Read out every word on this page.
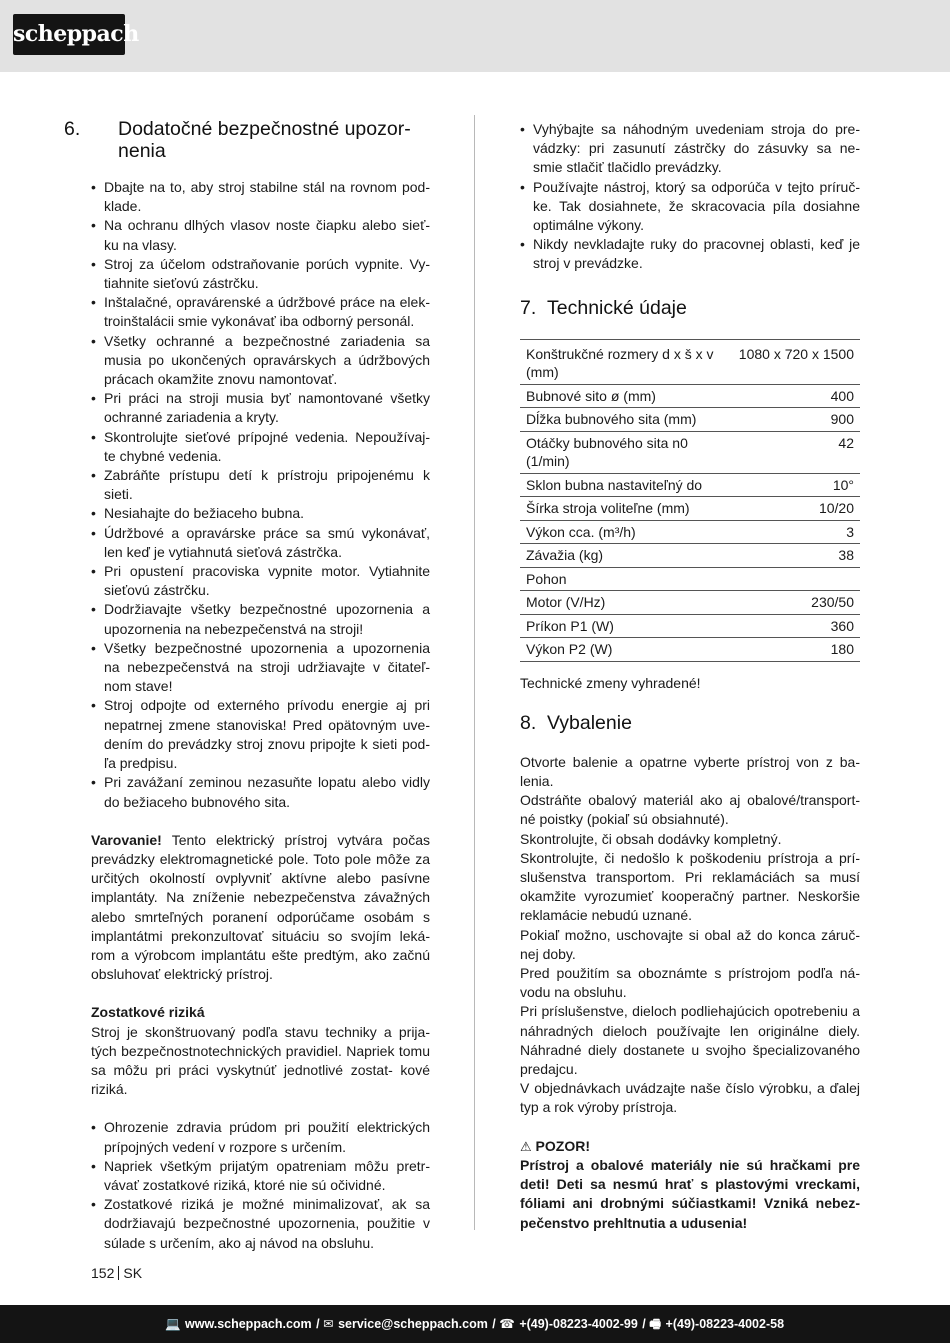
scheppach
6. Dodatočné bezpečnostné upozor- nenia
• Dbajte na to, aby stroj stabilne stál na rovnom pod- klade.
• Na ochranu dlhých vlasov noste čiapku alebo sieť- ku na vlasy.
• Stroj za účelom odstraňovanie porúch vypnite. Vy- tiahnite sieťovú zástrčku.
• Inštalačné, opravárenské a údržbové práce na elek- troinštalácii smie vykonávať iba odborný personál.
• Všetky ochranné a bezpečnostné zariadenia sa musia po ukončených opravárskych a údržbových prácach okamžite znovu namontovať.
• Pri práci na stroji musia byť namontované všetky ochranné zariadenia a kryty.
• Skontrolujte sieťové prípojné vedenia. Nepoužívaj- te chybné vedenia.
• Zabráňte prístupu detí k prístroju pripojenému k sieti.
• Nesiahajte do bežiaceho bubna.
• Údržbové a opravárske práce sa smú vykonávať, len keď je vytiahnutá sieťová zástrčka.
• Pri opustení pracoviska vypnite motor. Vytiahnite sieťovú zástrčku.
• Dodržiavajte všetky bezpečnostné upozornenia a upozornenia na nebezpečenstvá na stroji!
• Všetky bezpečnostné upozornenia a upozornenia na nebezpečenstvá na stroji udržiavajte v čitateľ- nom stave!
• Stroj odpojte od externého prívodu energie aj pri nepatrnej zmene stanoviska! Pred opätovným uve- dením do prevádzky stroj znovu pripojte k sieti pod- ľa predpisu.
• Pri zavážaní zeminou nezasuňte lopatu alebo vidly do bežiaceho bubnového sita.

Varovanie! Tento elektrický prístroj vytvára počas prevádzky elektromagnetické pole. Toto pole môže za určitých okolností ovplyvniť aktívne alebo pasívne implantáty. Na zníženie nebezpečenstva závažných alebo smrteľných poranení odporúčame osobám s implantátmi prekonzultovať situáciu so svojím leká- rom a výrobcom implantátu ešte predtým, ako začnú obsluhovať elektrický prístroj.

Zostatkové riziká

Stroj je skonštruovaný podľa stavu techniky a prija- tých bezpečnostnotechnických pravidiel. Napriek tomu sa môžu pri práci vyskytnúť jednotlivé zostat- kové riziká.

• Ohrozenie zdravia prúdom pri použití elektrických prípojných vedení v rozpore s určením.
• Napriek všetkým prijatým opatreniam môžu pretr- vávať zostatkové riziká, ktoré nie sú očividné.
• Zostatkové riziká je možné minimalizovať, ak sa dodržiavajú bezpečnostné upozornenia, použitie v súlade s určením, ako aj návod na obsluhu.
• Vyhýbajte sa náhodným uvedeniam stroja do pre- vádzky: pri zasunutí zástrčky do zásuvky sa ne- smie stlačiť tlačidlo prevádzky.
• Používajte nástroj, ktorý sa odporúča v tejto príruč- ke. Tak dosiahnete, že skracovacia píla dosiahne optimálne výkony.
• Nikdy nevkladajte ruky do pracovnej oblasti, keď je stroj v prevádzke.
7. Technické údaje
Konštrukčné rozmery d x š x v (mm)	1080 x 720 x 1500
Bubnové sito ø (mm)	400
Dĺžka bubnového sita (mm)	900
Otáčky bubnového sita n0 (1/min)	42
Sklon bubna nastaviteľný do	10°
Šírka stroja voliteľne (mm)	10/20
Výkon cca. (m³/h)	3
Závažia (kg)	38
Pohon	
Motor (V/Hz)	230/50
Príkon P1 (W)	360
Výkon P2 (W)	180

Technické zmeny vyhradené!

8. Vybalenie

Otvorte balenie a opatrne vyberte prístroj von z ba- lenia.

Odstráňte obalový materiál ako aj obalové/transport- né poistky (pokiaľ sú obsiahnuté).

Skontrolujte, či obsah dodávky kompletný.

Skontrolujte, či nedošlo k poškodeniu prístroja a prí- slušenstva transportom. Pri reklamáciách sa musí okamžite vyrozumieť kooperačný partner. Neskoršie reklamácie nebudú uznané.

Pokiaľ možno, uschovajte si obal až do konca záruč- nej doby.

Pred použitím sa oboznámte s prístrojom podľa ná- vodu na obsluhu.

Pri príslušenstve, dieloch podliehajúcich opotrebeniu a náhradných dieloch používajte len originálne diely. Náhradné diely dostanete u svojho špecializovaného predajcu.

V objednávkach uvádzajte naše číslo výrobku, a ďalej typ a rok výroby prístroja.

⚠ POZOR!

Prístroj a obalové materiály nie sú hračkami pre deti! Deti sa nesmú hrať s plastovými vreckami, fóliami ani drobnými súčiastkami! Vzniká nebez- pečenstvo prehltnutia a udusenia!

152 SK
💻 www.scheppach.com / ✉ service@scheppach.com / ☎ +(49)-08223-4002-99 / 🖷 +(49)-08223-4002-58
